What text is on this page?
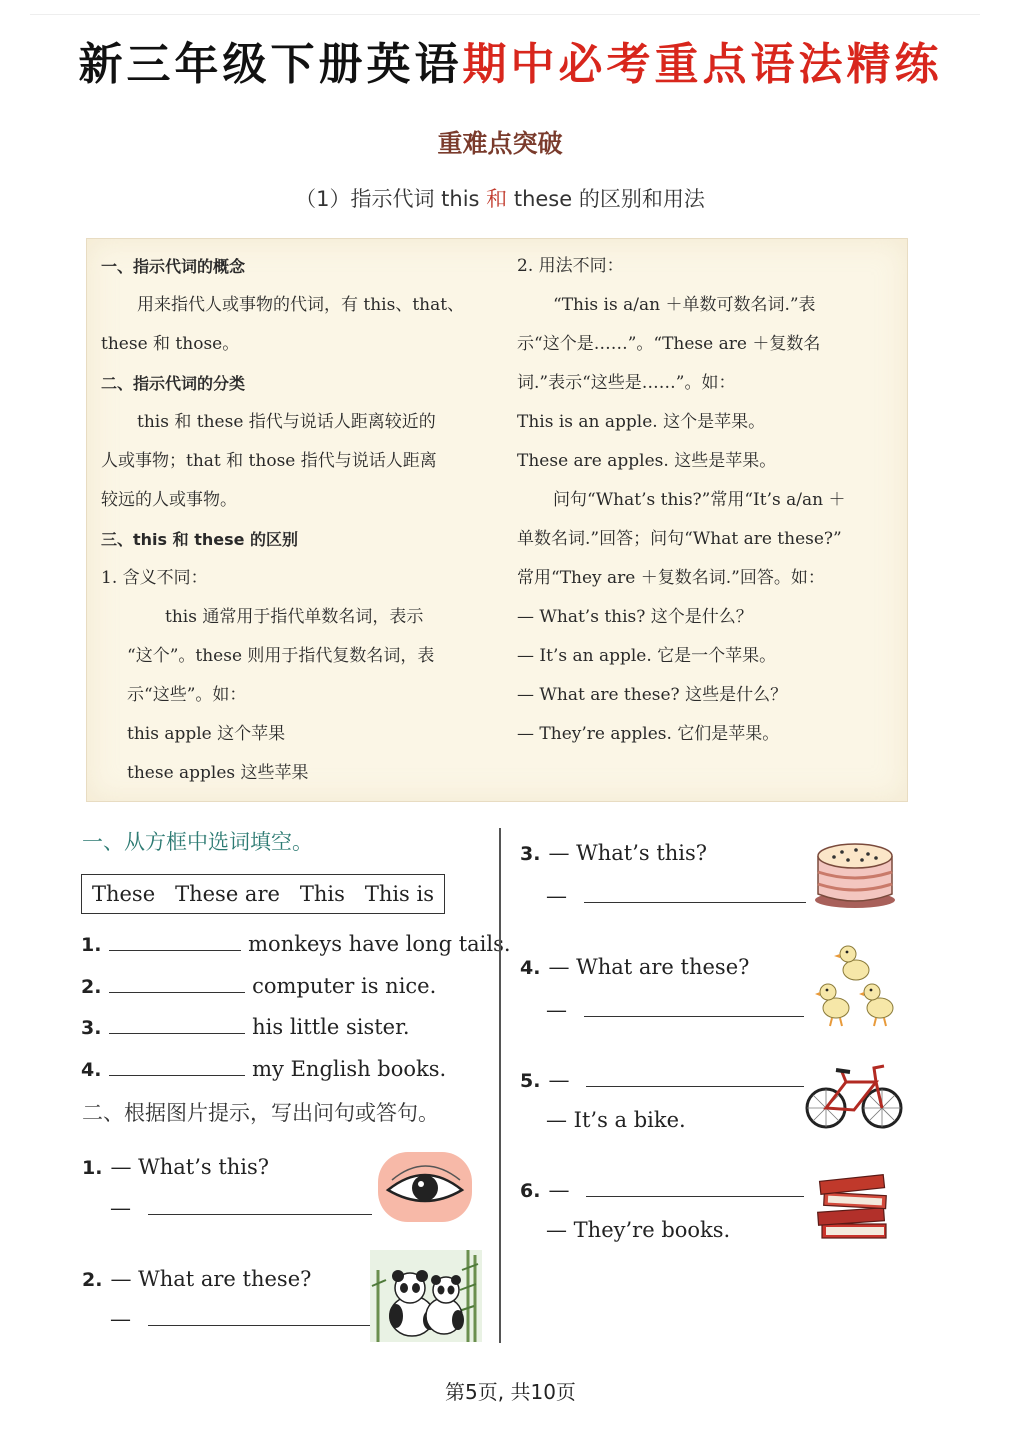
新三年级下册英语期中必考重点语法精练
重难点突破
（1）指示代词 this 和 these 的区别和用法

一、指示代词的概念

用来指代人或事物的代词，有 this、that、

these 和 those。

二、指示代词的分类

this 和 these 指代与说话人距离较近的

人或事物；that 和 those 指代与说话人距离

较远的人或事物。

三、this 和 these 的区别

1. 含义不同：

this 通常用于指代单数名词，表示

“这个”。these 则用于指代复数名词，表

示“这些”。如：

this apple 这个苹果

these apples 这些苹果

2. 用法不同：

“This is a/an ＋单数可数名词.”表

示“这个是……”。“These are ＋复数名

词.”表示“这些是……”。如：

This is an apple. 这个是苹果。

These are apples. 这些是苹果。

问句“What’s this?”常用“It’s a/an ＋

单数名词.”回答；问句“What are these?”

常用“They are ＋复数名词.”回答。如：

— What’s this? 这个是什么？

— It’s an apple. 它是一个苹果。

— What are these? 这些是什么？

— They’re apples. 它们是苹果。

一、从方框中选词填空。
These These are This This is
1.	monkeys have long tails.
2.	computer is nice.
3.	his little sister.
4.	my English books.
二、根据图片提示，写出问句或答句。
1. — What’s this?
—
2. — What are these?
—
3. — What’s this?
—
4. — What are these?
—
5. —
— It’s a bike.
6. —
— They’re books.
第5页, 共10页
